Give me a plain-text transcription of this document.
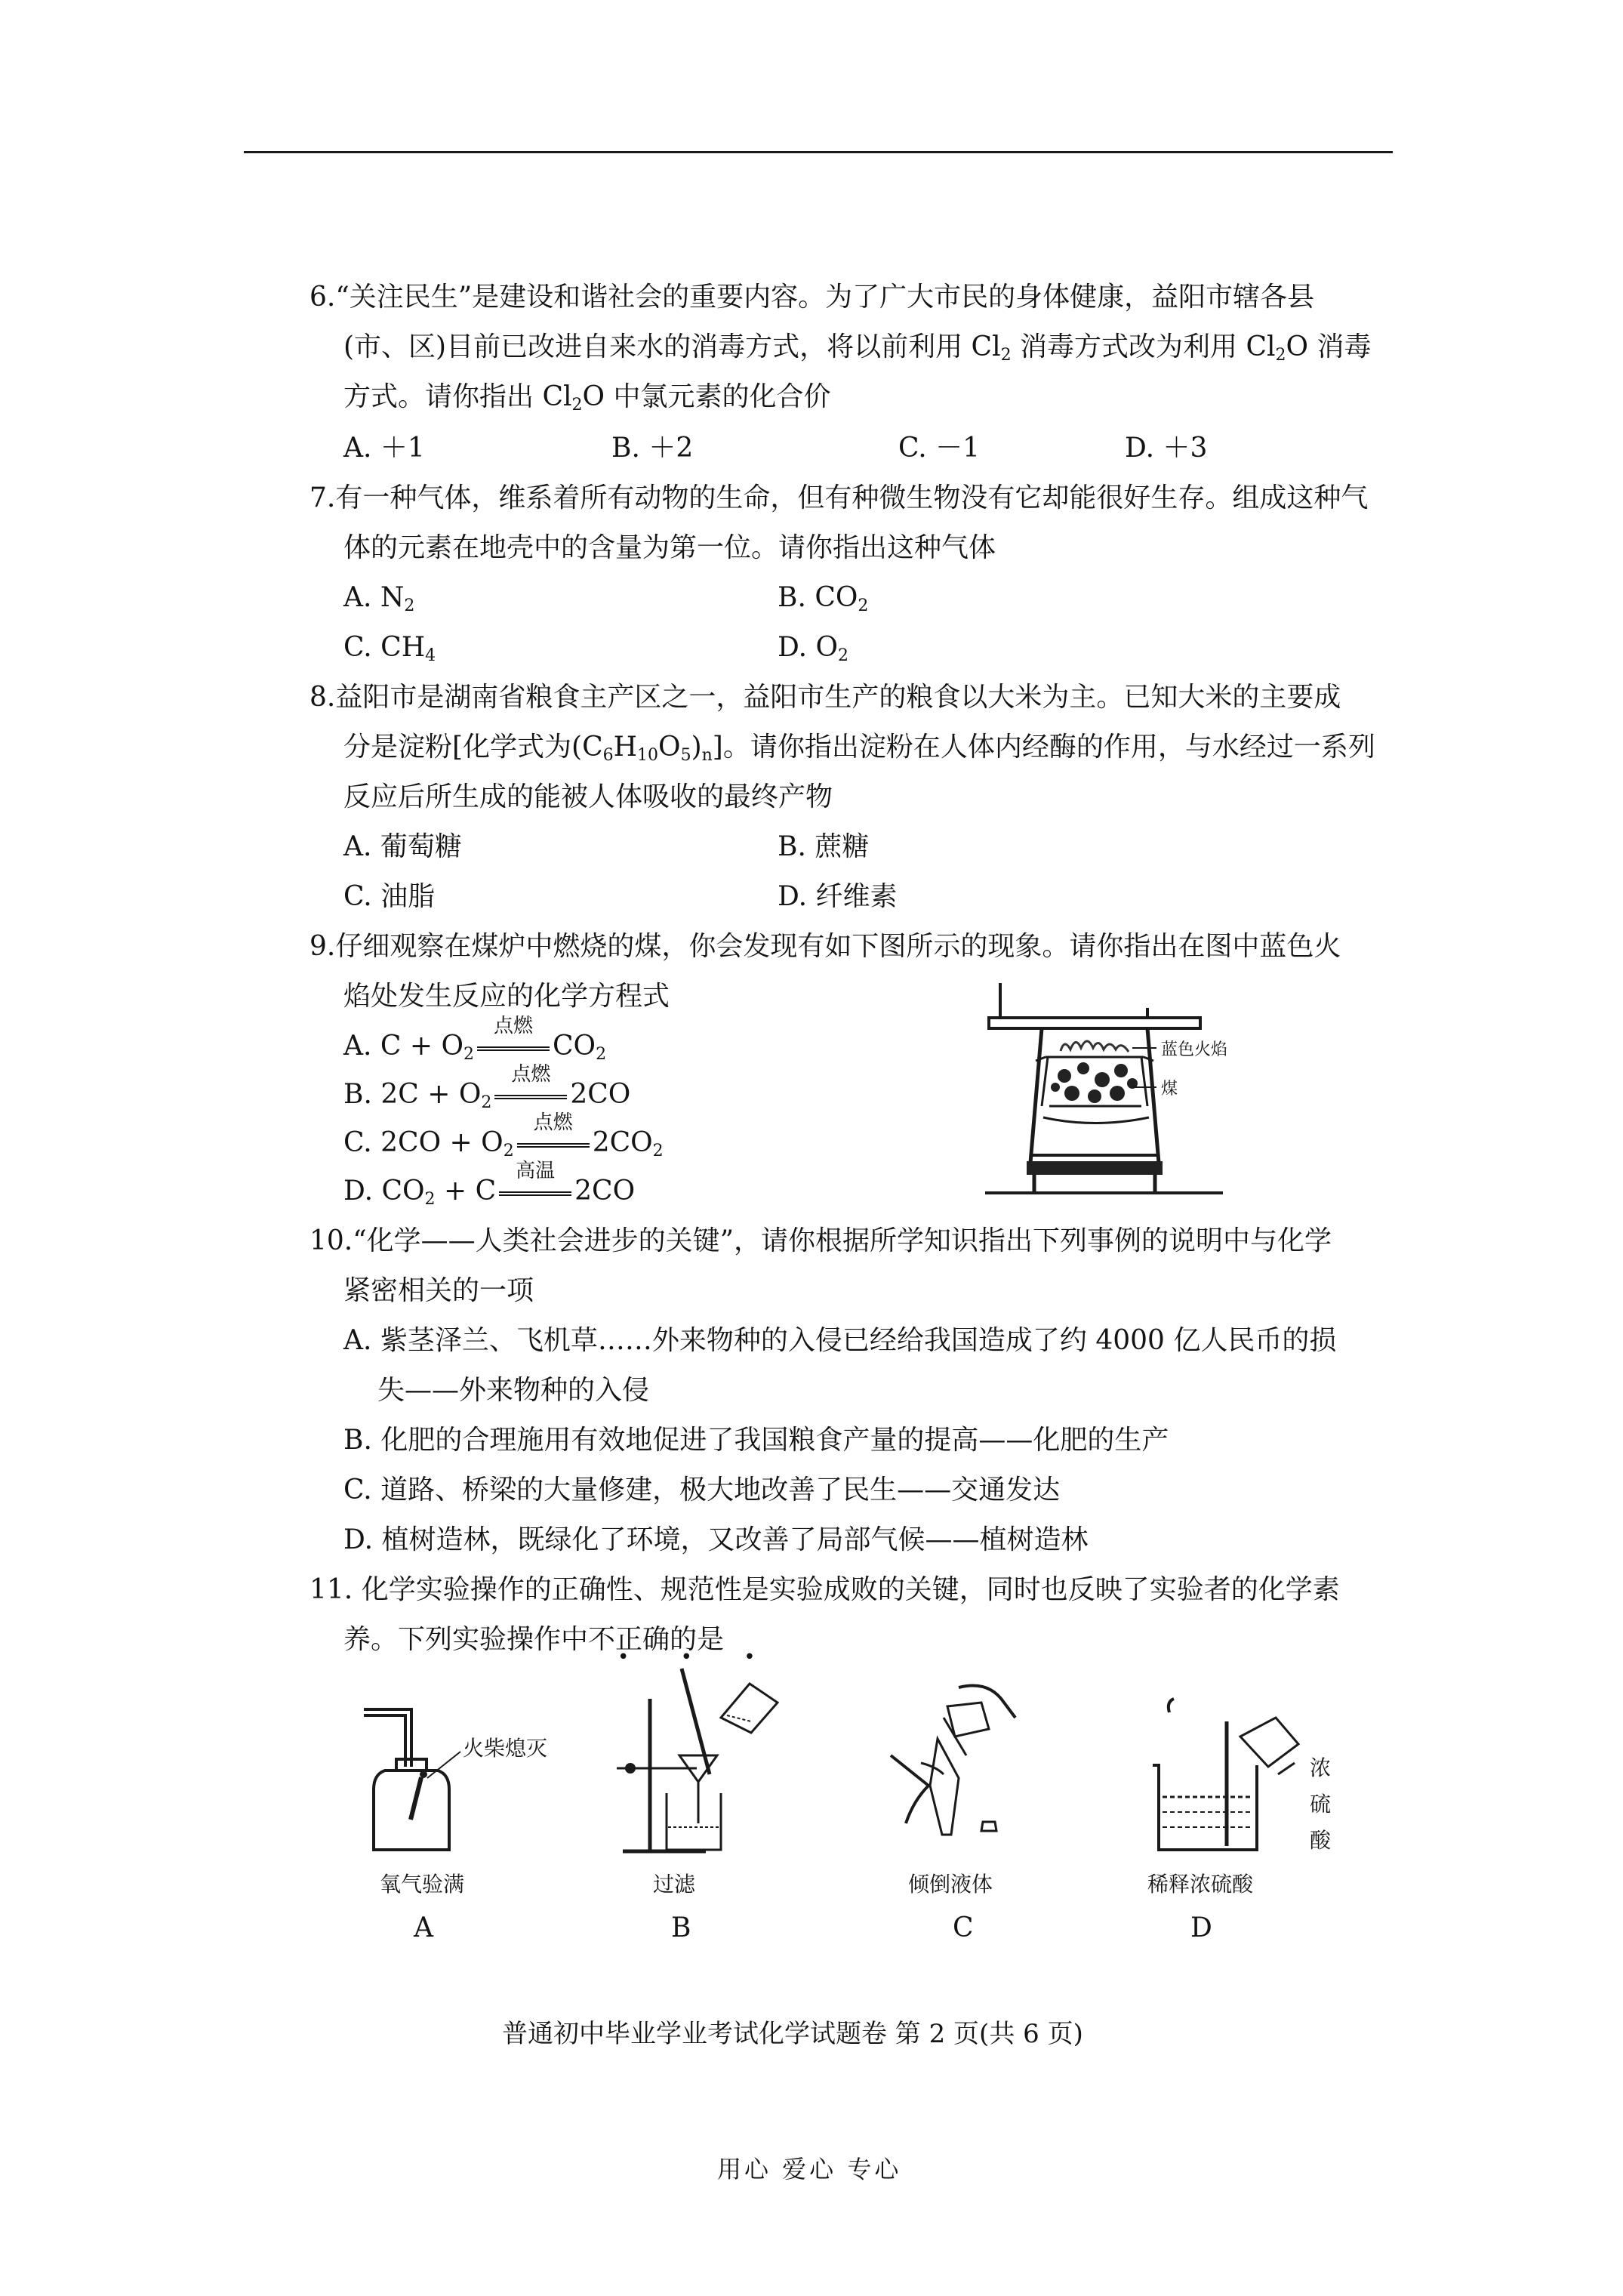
6.“关注民生”是建设和谐社会的重要内容。为了广大市民的身体健康，益阳市辖各县
(市、区)目前已改进自来水的消毒方式，将以前利用 $Cl_2$ 消毒方式改为利用 $Cl_2O$ 消毒
方式。请你指出 $Cl_2O$ 中氯元素的化合价
A. ＋1	B. ＋2	C. －1	D. ＋3
7.有一种气体，维系着所有动物的生命，但有种微生物没有它却能很好生存。组成这种气
体的元素在地壳中的含量为第一位。请你指出这种气体
A. $N_2$	B. $CO_2$
C. $CH_4$	D. $O_2$
8.益阳市是湖南省粮食主产区之一，益阳市生产的粮食以大米为主。已知大米的主要成
分是淀粉[化学式为$(C_6H_{10}O_5)_n$]。请你指出淀粉在人体内经酶的作用，与水经过一系列
反应后所生成的能被人体吸收的最终产物
A. 葡萄糖	B. 蔗糖
C. 油脂	D. 纤维素
9.仔细观察在煤炉中燃烧的煤，你会发现有如下图所示的现象。请你指出在图中蓝色火
焰处发生反应的化学方程式
A. $C + O_2$
点燃
$CO_2$
B. $2C + O_2$
点燃
2CO
C. $2CO + O_2$
点燃
$2CO_2$
D. $CO_2 + C$
高温
2CO
蓝色火焰
煤
10.“化学——人类社会进步的关键”，请你根据所学知识指出下列事例的说明中与化学
紧密相关的一项
A. 紫茎泽兰、飞机草……外来物种的入侵已经给我国造成了约 4000 亿人民币的损
失——外来物种的入侵
B. 化肥的合理施用有效地促进了我国粮食产量的提高——化肥的生产
C. 道路、桥梁的大量修建，极大地改善了民生——交通发达
D. 植树造林，既绿化了环境，又改善了局部气候——植树造林
11. 化学实验操作的正确性、规范性是实验成败的关键，同时也反映了实验者的化学素
养。下列实验操作中不正确的是
• • •
火柴熄灭
氧气验满
A
过滤
B
倾倒液体
C
浓硫酸
稀释浓硫酸
D
普通初中毕业学业考试化学试题卷 第 2 页(共 6 页)
用心 爱心 专心
